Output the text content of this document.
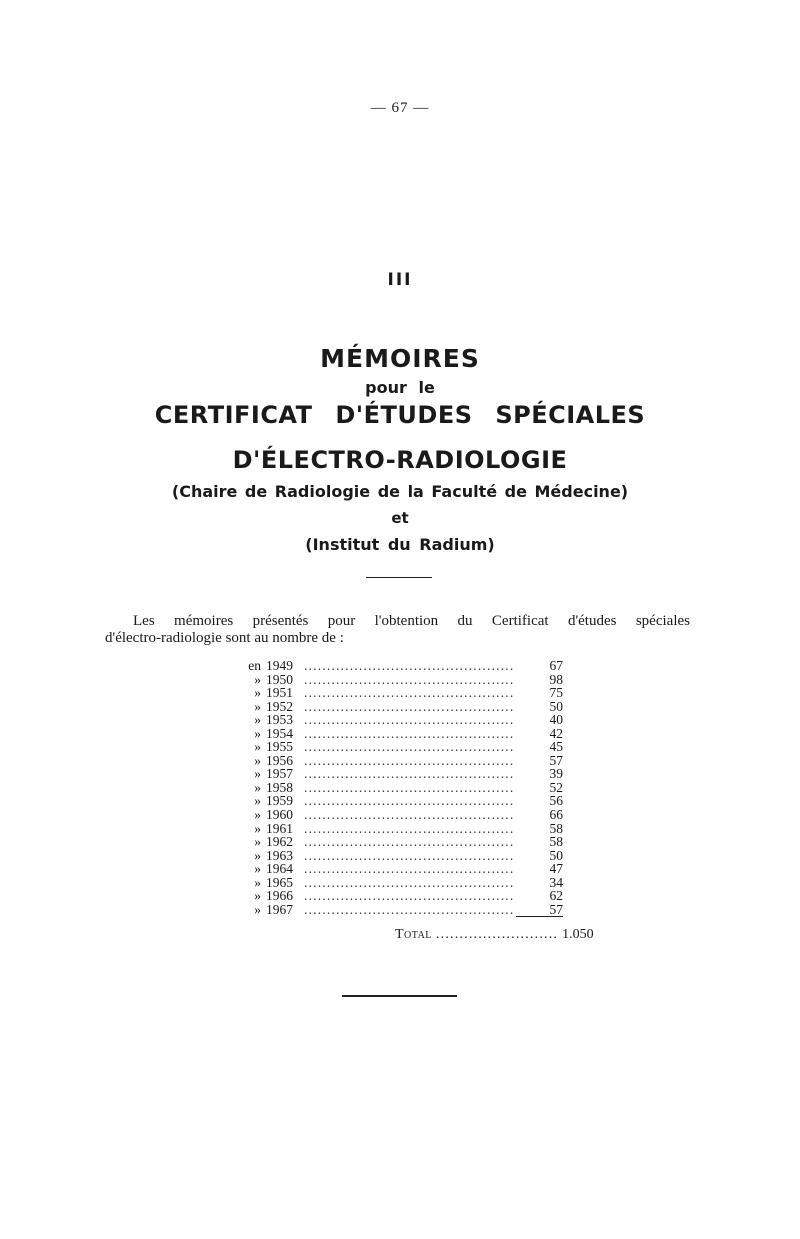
— 67 —
III
MÉMOIRES
pour le
CERTIFICAT D'ÉTUDES SPÉCIALES
D'ÉLECTRO-RADIOLOGIE
(Chaire de Radiologie de la Faculté de Médecine)
et
(Institut du Radium)
Les mémoires présentés pour l'obtention du Certificat d'études spéciales
d'électro-radiologie sont au nombre de :
en 1949 ..............................................	67
» 1950 ..............................................	98
» 1951 ..............................................	75
» 1952 ..............................................	50
» 1953 ..............................................	40
» 1954 ..............................................	42
» 1955 ..............................................	45
» 1956 ..............................................	57
» 1957 ..............................................	39
» 1958 ..............................................	52
» 1959 ..............................................	56
» 1960 ..............................................	66
» 1961 ..............................................	58
» 1962 ..............................................	58
» 1963 ..............................................	50
» 1964 ..............................................	47
» 1965 ..............................................	34
» 1966 ..............................................	62
» 1967 ..............................................	57
Total .......................... 1.050
